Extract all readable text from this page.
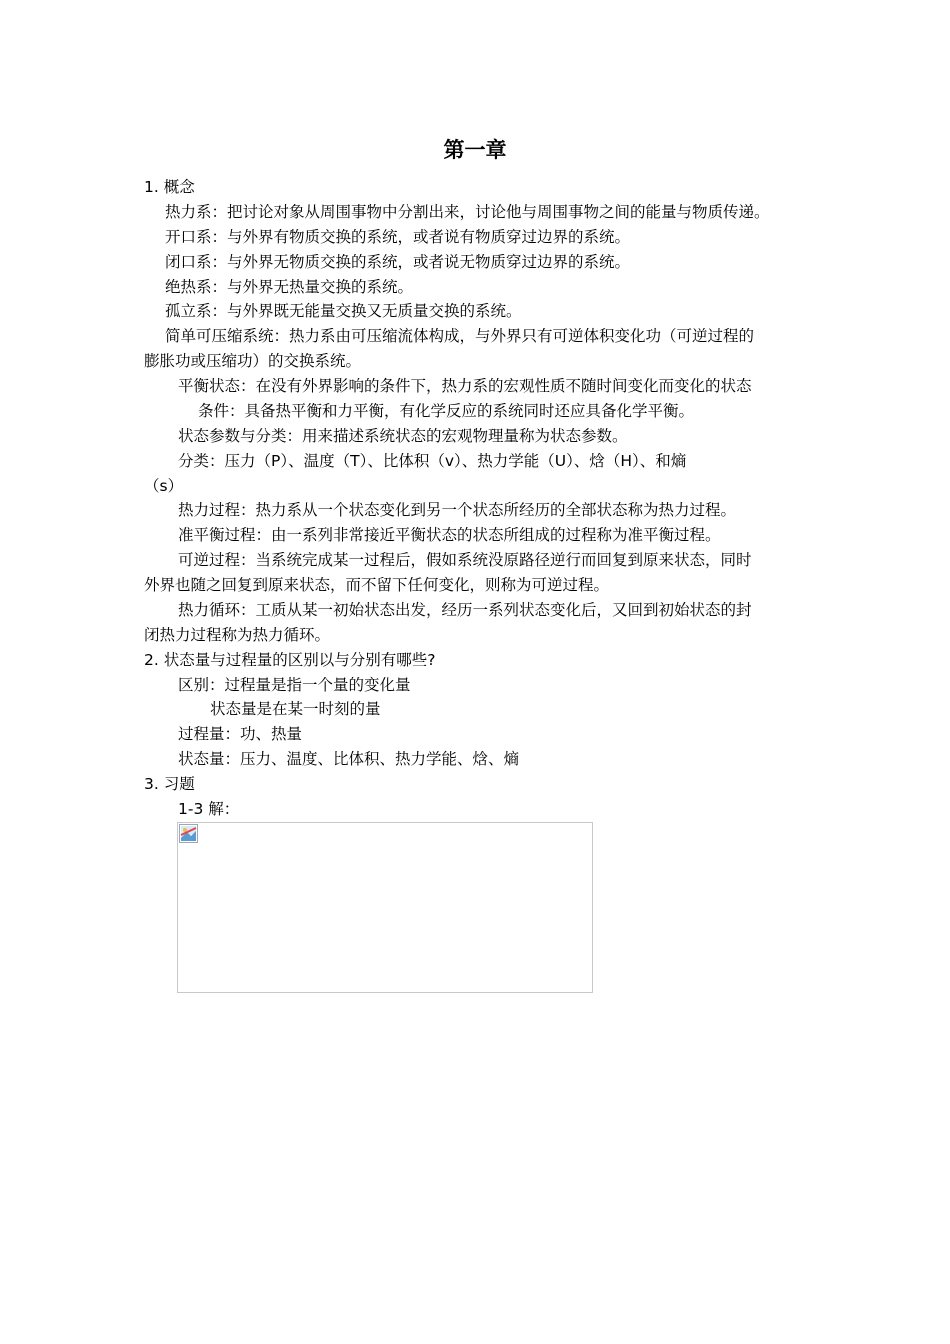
第一章

1. 概念

热力系：把讨论对象从周围事物中分割出来，讨论他与周围事物之间的能量与物质传递。

开口系：与外界有物质交换的系统，或者说有物质穿过边界的系统。

闭口系：与外界无物质交换的系统，或者说无物质穿过边界的系统。

绝热系：与外界无热量交换的系统。

孤立系：与外界既无能量交换又无质量交换的系统。

简单可压缩系统：热力系由可压缩流体构成，与外界只有可逆体积变化功（可逆过程的

膨胀功或压缩功）的交换系统。

平衡状态：在没有外界影响的条件下，热力系的宏观性质不随时间变化而变化的状态

条件：具备热平衡和力平衡，有化学反应的系统同时还应具备化学平衡。

状态参数与分类：用来描述系统状态的宏观物理量称为状态参数。

分类：压力（P）、温度（T）、比体积（v）、热力学能（U）、焓（H）、和熵

（s）

热力过程：热力系从一个状态变化到另一个状态所经历的全部状态称为热力过程。

准平衡过程：由一系列非常接近平衡状态的状态所组成的过程称为准平衡过程。

可逆过程：当系统完成某一过程后，假如系统没原路径逆行而回复到原来状态，同时

外界也随之回复到原来状态，而不留下任何变化，则称为可逆过程。

热力循环：工质从某一初始状态出发，经历一系列状态变化后，又回到初始状态的封

闭热力过程称为热力循环。

2. 状态量与过程量的区别以与分别有哪些?

区别：过程量是指一个量的变化量

状态量是在某一时刻的量

过程量：功、热量

状态量：压力、温度、比体积、热力学能、焓、熵

3. 习题

1-3 解：
